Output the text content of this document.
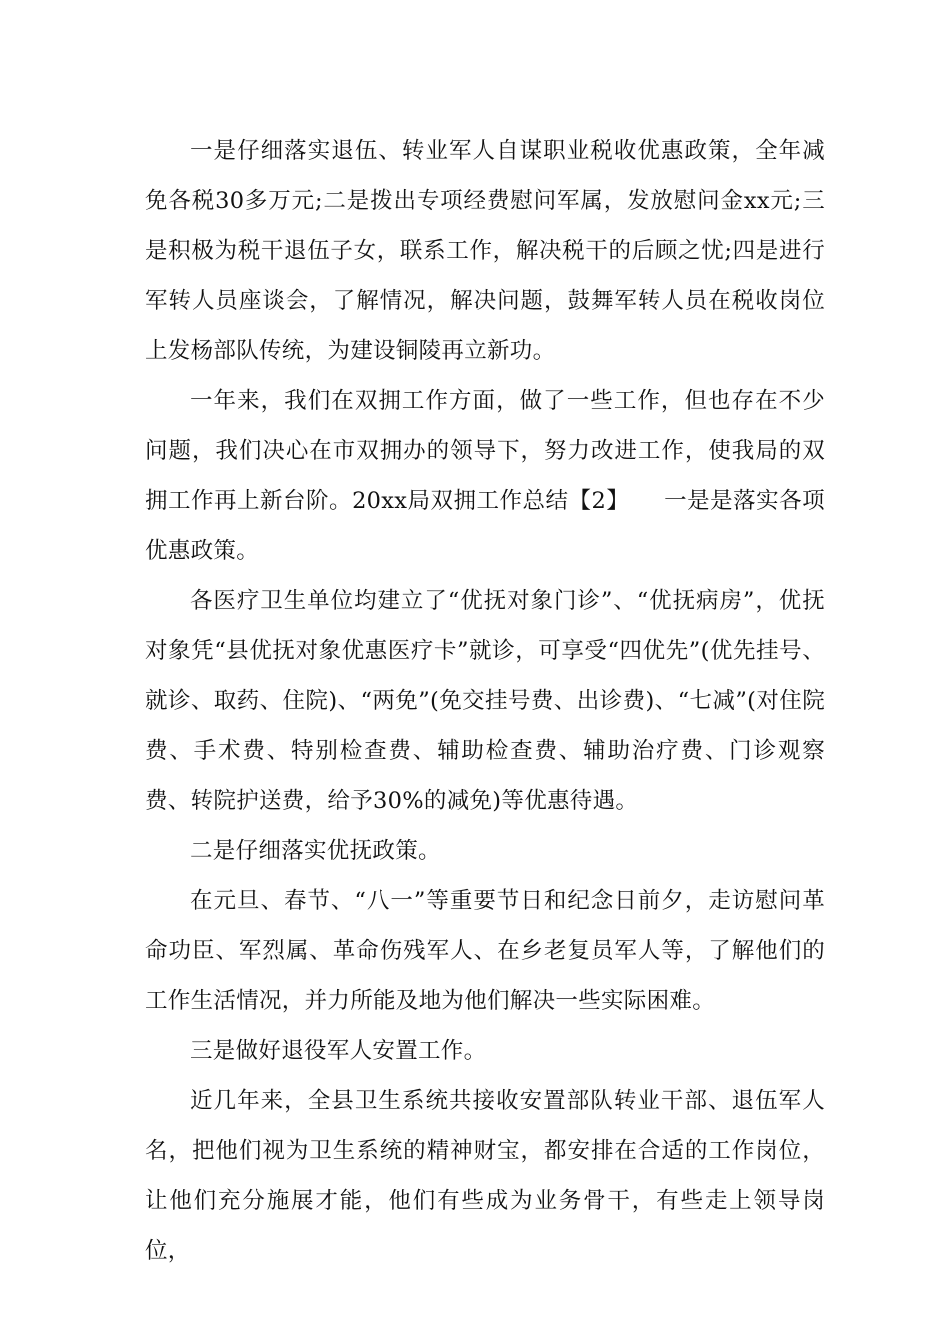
一是仔细落实退伍、转业军人自谋职业税收优惠政策，全年减免各税30多万元;二是拨出专项经费慰问军属，发放慰问金xx元;三是积极为税干退伍子女，联系工作，解决税干的后顾之忧;四是进行军转人员座谈会，了解情况，解决问题，鼓舞军转人员在税收岗位上发杨部队传统，为建设铜陵再立新功。

一年来，我们在双拥工作方面，做了一些工作，但也存在不少问题，我们决心在市双拥办的领导下，努力改进工作，使我局的双拥工作再上新台阶。20xx局双拥工作总结【2】　　一是是落实各项优惠政策。

各医疗卫生单位均建立了“优抚对象门诊”、“优抚病房”，优抚对象凭“县优抚对象优惠医疗卡”就诊，可享受“四优先”(优先挂号、就诊、取药、住院)、“两免”(免交挂号费、出诊费)、“七减”(对住院费、手术费、特别检查费、辅助检查费、辅助治疗费、门诊观察费、转院护送费，给予30%的减免)等优惠待遇。

二是仔细落实优抚政策。

在元旦、春节、“八一”等重要节日和纪念日前夕，走访慰问革命功臣、军烈属、革命伤残军人、在乡老复员军人等，了解他们的工作生活情况，并力所能及地为他们解决一些实际困难。

三是做好退役军人安置工作。

近几年来，全县卫生系统共接收安置部队转业干部、退伍军人名，把他们视为卫生系统的精神财宝，都安排在合适的工作岗位，让他们充分施展才能，他们有些成为业务骨干，有些走上领导岗位，
